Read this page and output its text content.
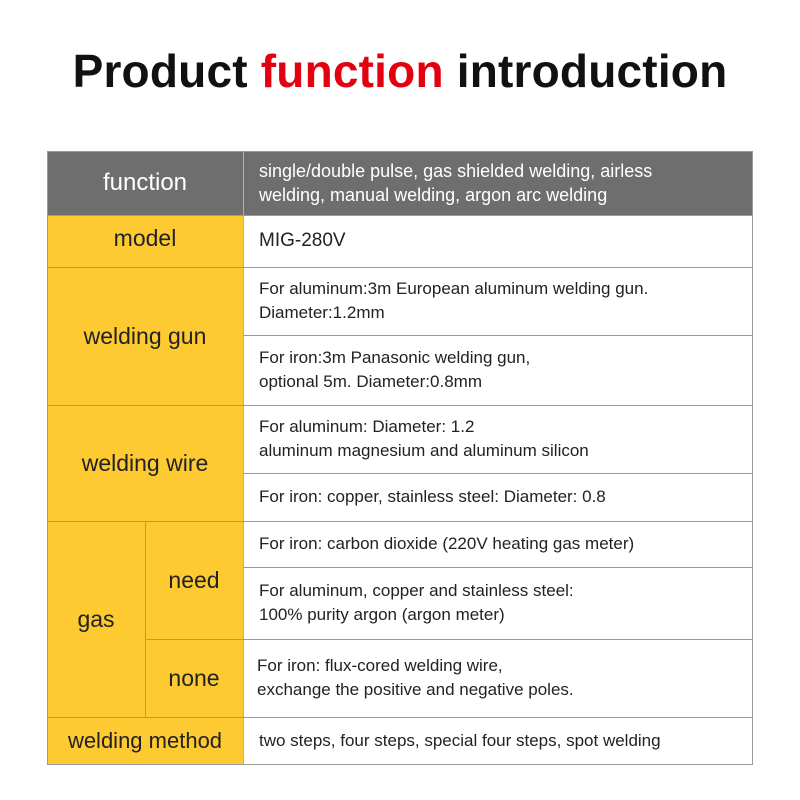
Product function introduction
function	single/double pulse, gas shielded welding, airless
welding, manual welding, argon arc welding
model	MIG-280V
welding gun
For aluminum:3m European aluminum welding gun.
Diameter:1.2mm
For iron:3m Panasonic welding gun,
optional 5m. Diameter:0.8mm
welding wire
For aluminum: Diameter: 1.2
aluminum magnesium and aluminum silicon
For iron: copper, stainless steel: Diameter: 0.8
gas
need
none
For iron: carbon dioxide (220V heating gas meter)
For aluminum, copper and stainless steel:
100% purity argon (argon meter)
For iron: flux-cored welding wire,
exchange the positive and negative poles.
welding method two steps, four steps, special four steps, spot welding
